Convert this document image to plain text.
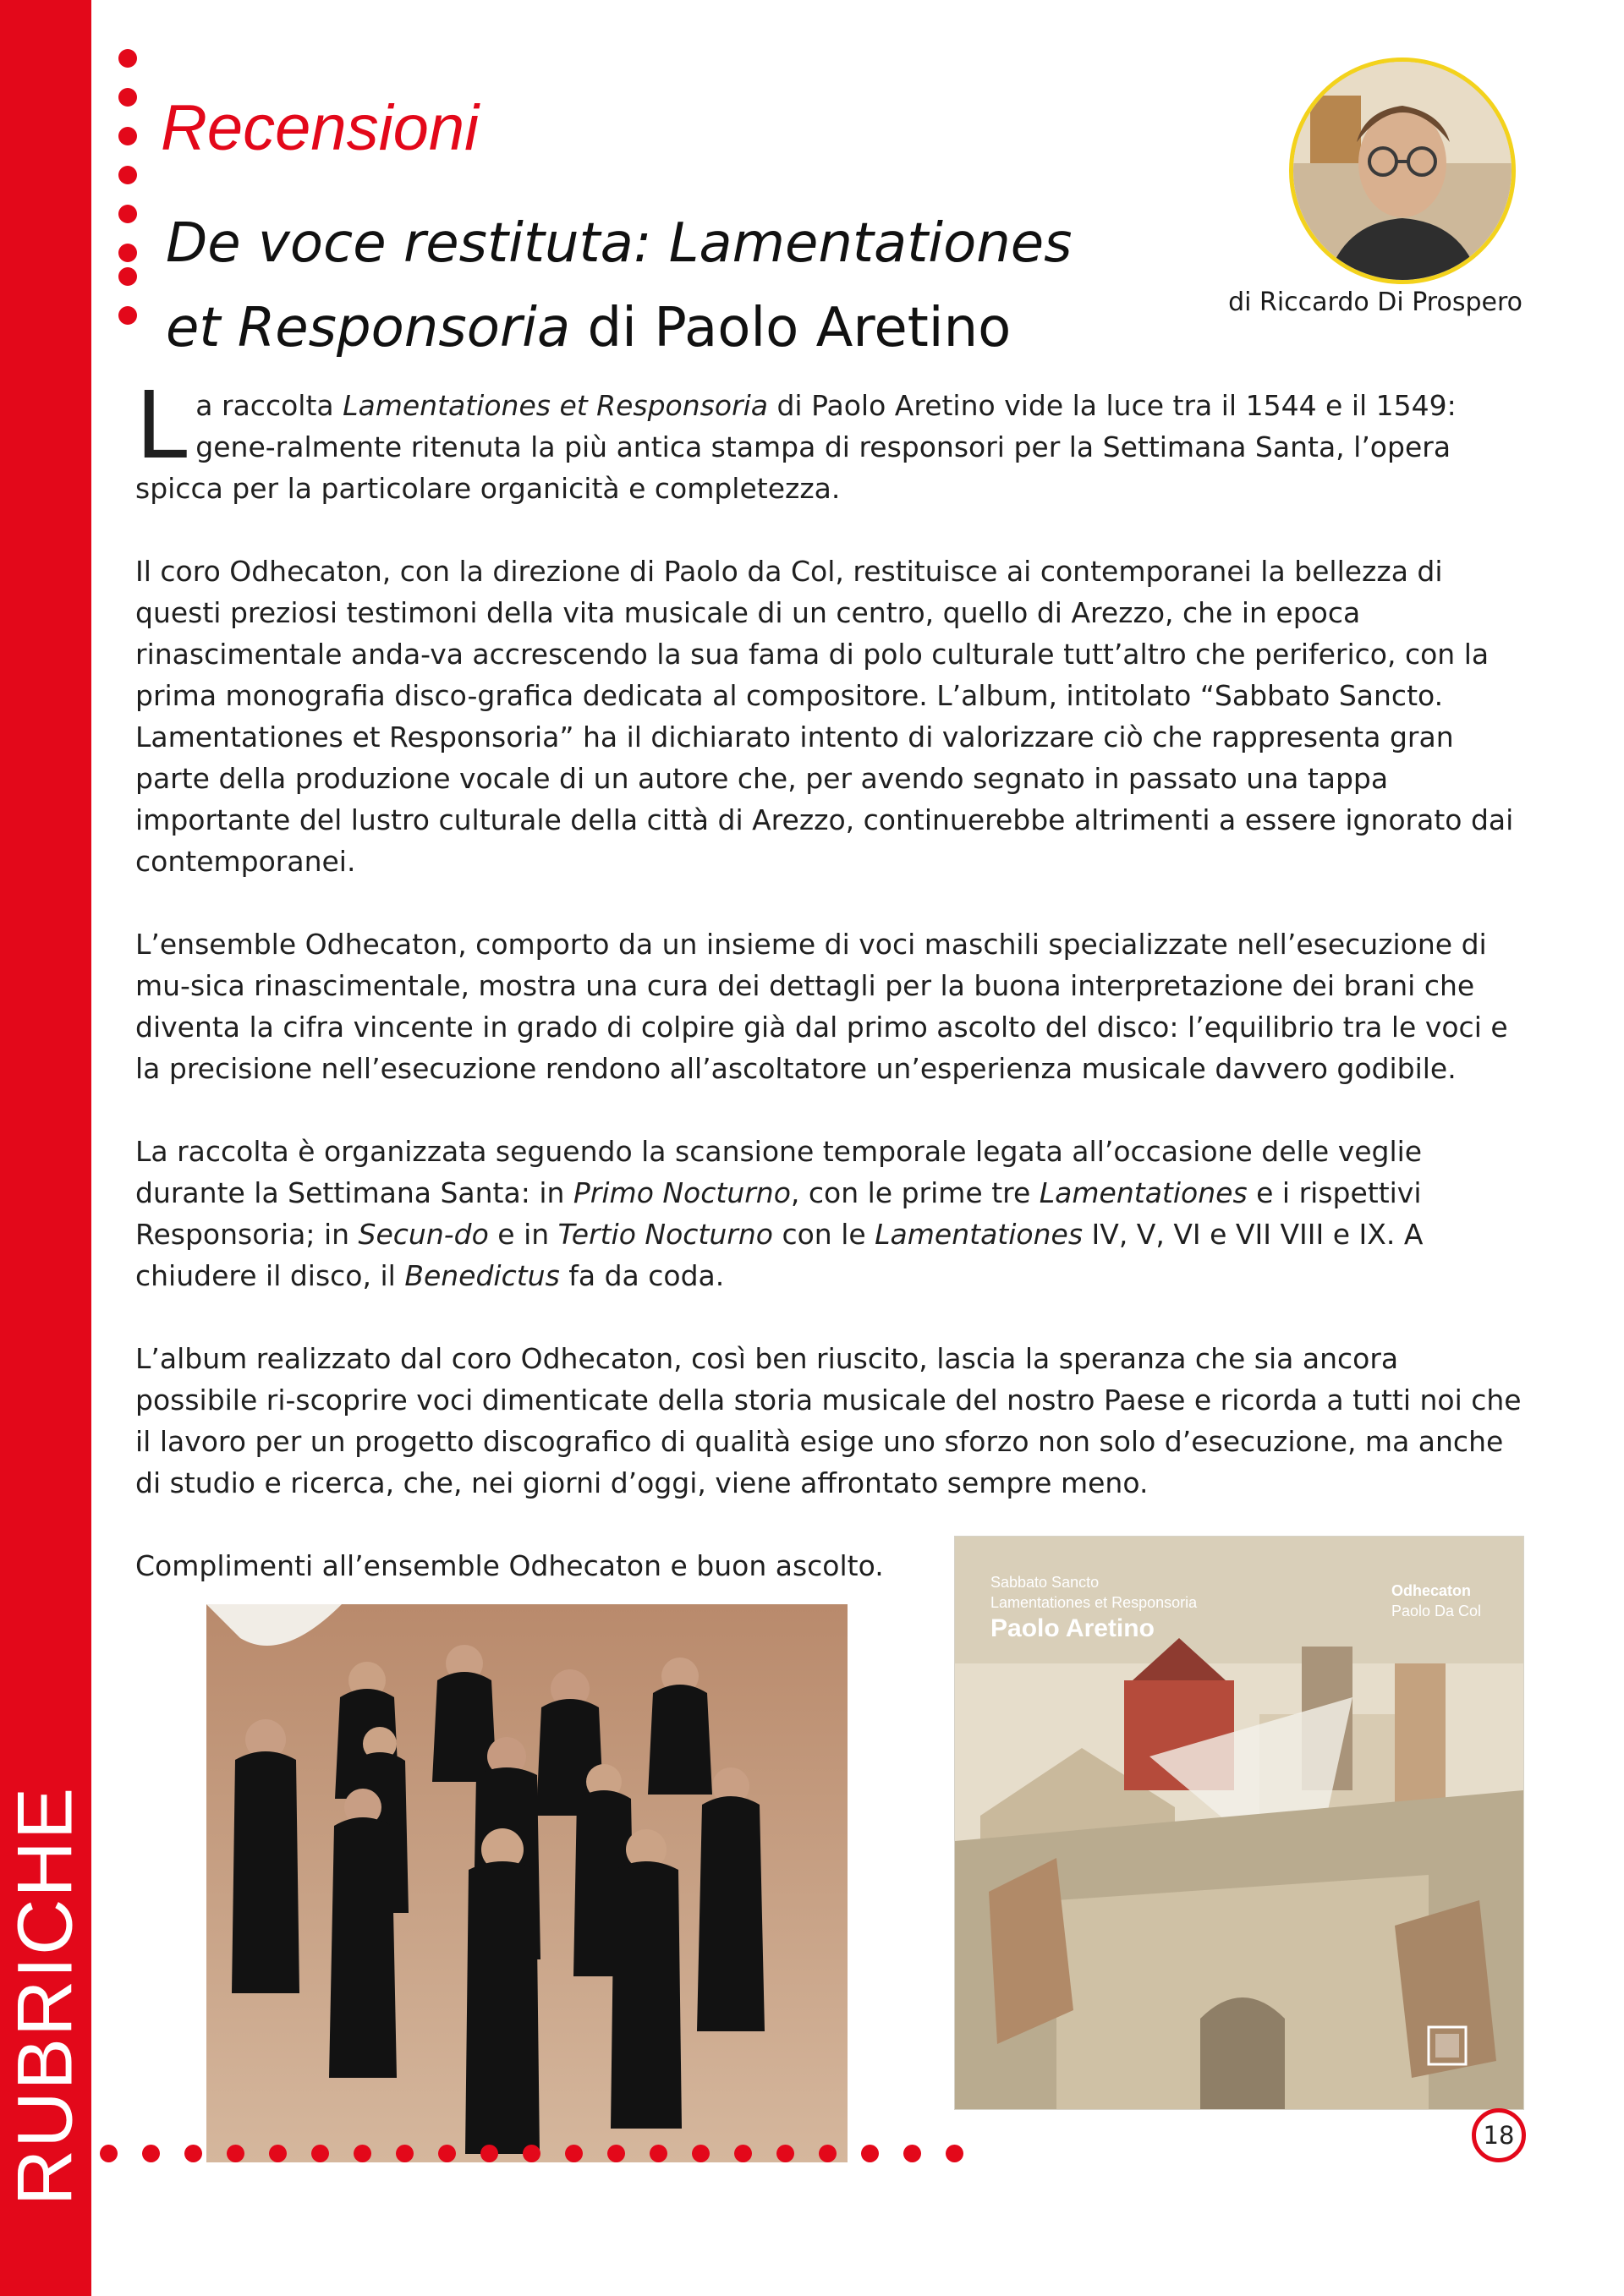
RUBRICHE
Recensioni
De voce restituta: Lamentationes
et Responsoria di Paolo Aretino	di Riccardo Di Prospero

La raccolta Lamentationes et Responsoria di Paolo Aretino vide la luce tra il 1544 e il 1549: gene-ralmente ritenuta la più antica stampa di responsori per la Settimana Santa, l’opera spicca per la particolare organicità e completezza.

Il coro Odhecaton, con la direzione di Paolo da Col, restituisce ai contemporanei la bellezza di questi preziosi testimoni della vita musicale di un centro, quello di Arezzo, che in epoca rinascimentale anda-va accrescendo la sua fama di polo culturale tutt’altro che periferico, con la prima monografia disco-grafica dedicata al compositore. L’album, intitolato “Sabbato Sancto. Lamentationes et Responsoria” ha il dichiarato intento di valorizzare ciò che rappresenta gran parte della produzione vocale di un autore che, per avendo segnato in passato una tappa importante del lustro culturale della città di Arezzo, continuerebbe altrimenti a essere ignorato dai contemporanei.

L’ensemble Odhecaton, comporto da un insieme di voci maschili specializzate nell’esecuzione di mu-sica rinascimentale, mostra una cura dei dettagli per la buona interpretazione dei brani che diventa la cifra vincente in grado di colpire già dal primo ascolto del disco: l’equilibrio tra le voci e la precisione nell’esecuzione rendono all’ascoltatore un’esperienza musicale davvero godibile.

La raccolta è organizzata seguendo la scansione temporale legata all’occasione delle veglie durante la Settimana Santa: in Primo Nocturno, con le prime tre Lamentationes e i rispettivi Responsoria; in Secun-do e in Tertio Nocturno con le Lamentationes IV, V, VI e VII VIII e IX. A chiudere il disco, il Benedictus fa da coda.

L’album realizzato dal coro Odhecaton, così ben riuscito, lascia la speranza che sia ancora possibile ri-scoprire voci dimenticate della storia musicale del nostro Paese e ricorda a tutti noi che il lavoro per un progetto discografico di qualità esige uno sforzo non solo d’esecuzione, ma anche di studio e ricerca, che, nei giorni d’oggi, viene affrontato sempre meno.

Complimenti all’ensemble Odhecaton e buon ascolto.	Sabbato Sancto
Lamentationes et Responsoria
Paolo Aretino
Odhecaton
Paolo Da Col
18
